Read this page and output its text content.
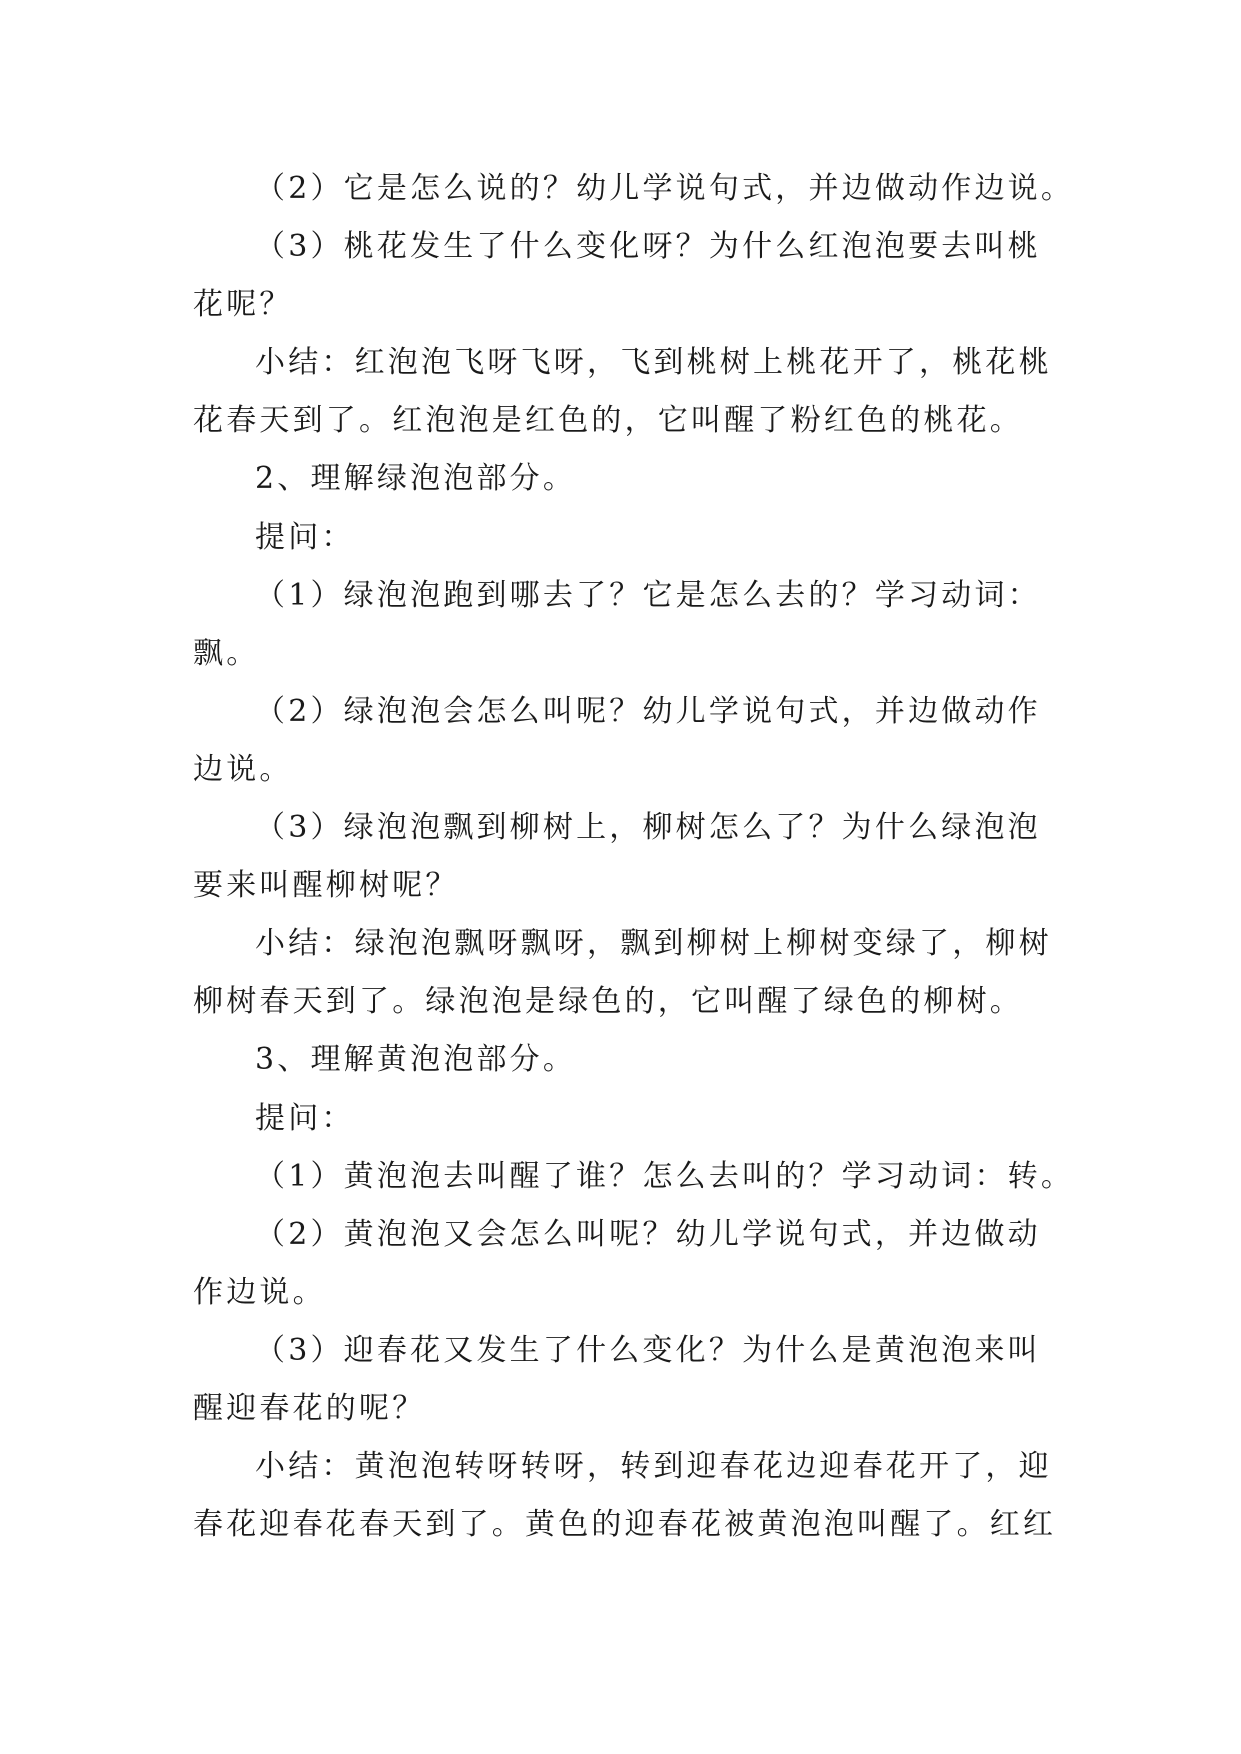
（2）它是怎么说的？幼儿学说句式，并边做动作边说。
（3）桃花发生了什么变化呀？为什么红泡泡要去叫桃
花呢？
小结：红泡泡飞呀飞呀，飞到桃树上桃花开了，桃花桃
花春天到了。红泡泡是红色的，它叫醒了粉红色的桃花。
2、理解绿泡泡部分。
提问：
（1）绿泡泡跑到哪去了？它是怎么去的？学习动词：
飘。
（2）绿泡泡会怎么叫呢？幼儿学说句式，并边做动作
边说。
（3）绿泡泡飘到柳树上，柳树怎么了？为什么绿泡泡
要来叫醒柳树呢？
小结：绿泡泡飘呀飘呀，飘到柳树上柳树变绿了，柳树
柳树春天到了。绿泡泡是绿色的，它叫醒了绿色的柳树。
3、理解黄泡泡部分。
提问：
（1）黄泡泡去叫醒了谁？怎么去叫的？学习动词：转。
（2）黄泡泡又会怎么叫呢？幼儿学说句式，并边做动
作边说。
（3）迎春花又发生了什么变化？为什么是黄泡泡来叫
醒迎春花的呢？
小结：黄泡泡转呀转呀，转到迎春花边迎春花开了，迎
春花迎春花春天到了。黄色的迎春花被黄泡泡叫醒了。红红
